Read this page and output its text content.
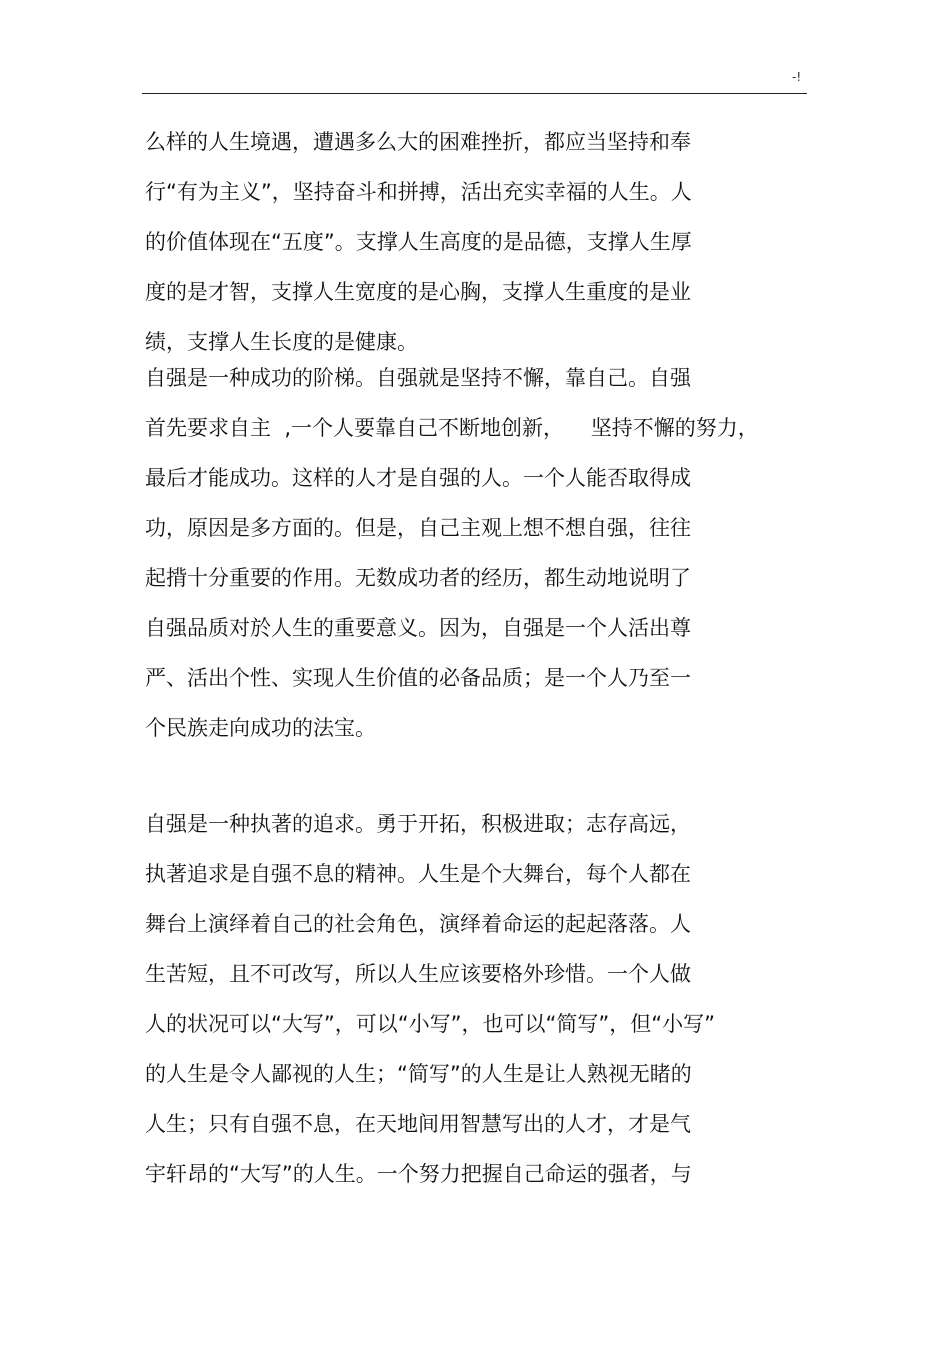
-!
么样的人生境遇，遭遇多么大的困难挫折，都应当坚持和奉
行“有为主义”，坚持奋斗和拼搏，活出充实幸福的人生。人
的价值体现在“五度”。支撑人生高度的是品德，支撑人生厚
度的是才智，支撑人生宽度的是心胸，支撑人生重度的是业
绩，支撑人生长度的是健康。
自强是一种成功的阶梯。自强就是坚持不懈，靠自己。自强
首先要求自主  ,一个人要靠自己不断地创新，    坚持不懈的努力，
最后才能成功。这样的人才是自强的人。一个人能否取得成
功，原因是多方面的。但是，自己主观上想不想自强，往往
起揹十分重要的作用。无数成功者的经历，都生动地说明了
自强品质对於人生的重要意义。因为，自强是一个人活出尊
严、活出个性、实现人生价值的必备品质；是一个人乃至一
个民族走向成功的法宝。
自强是一种执著的追求。勇于开拓，积极进取；志存高远，
执著追求是自强不息的精神。人生是个大舞台，每个人都在
舞台上演绎着自己的社会角色，演绎着命运的起起落落。人
生苦短，且不可改写，所以人生应该要格外珍惜。一个人做
人的状况可以“大写”，可以“小写”，也可以“简写”，但“小写”
的人生是令人鄙视的人生；“简写”的人生是让人熟视无睹的
人生；只有自强不息，在天地间用智慧写出的人才，才是气
宇轩昂的“大写”的人生。一个努力把握自己命运的强者，与
